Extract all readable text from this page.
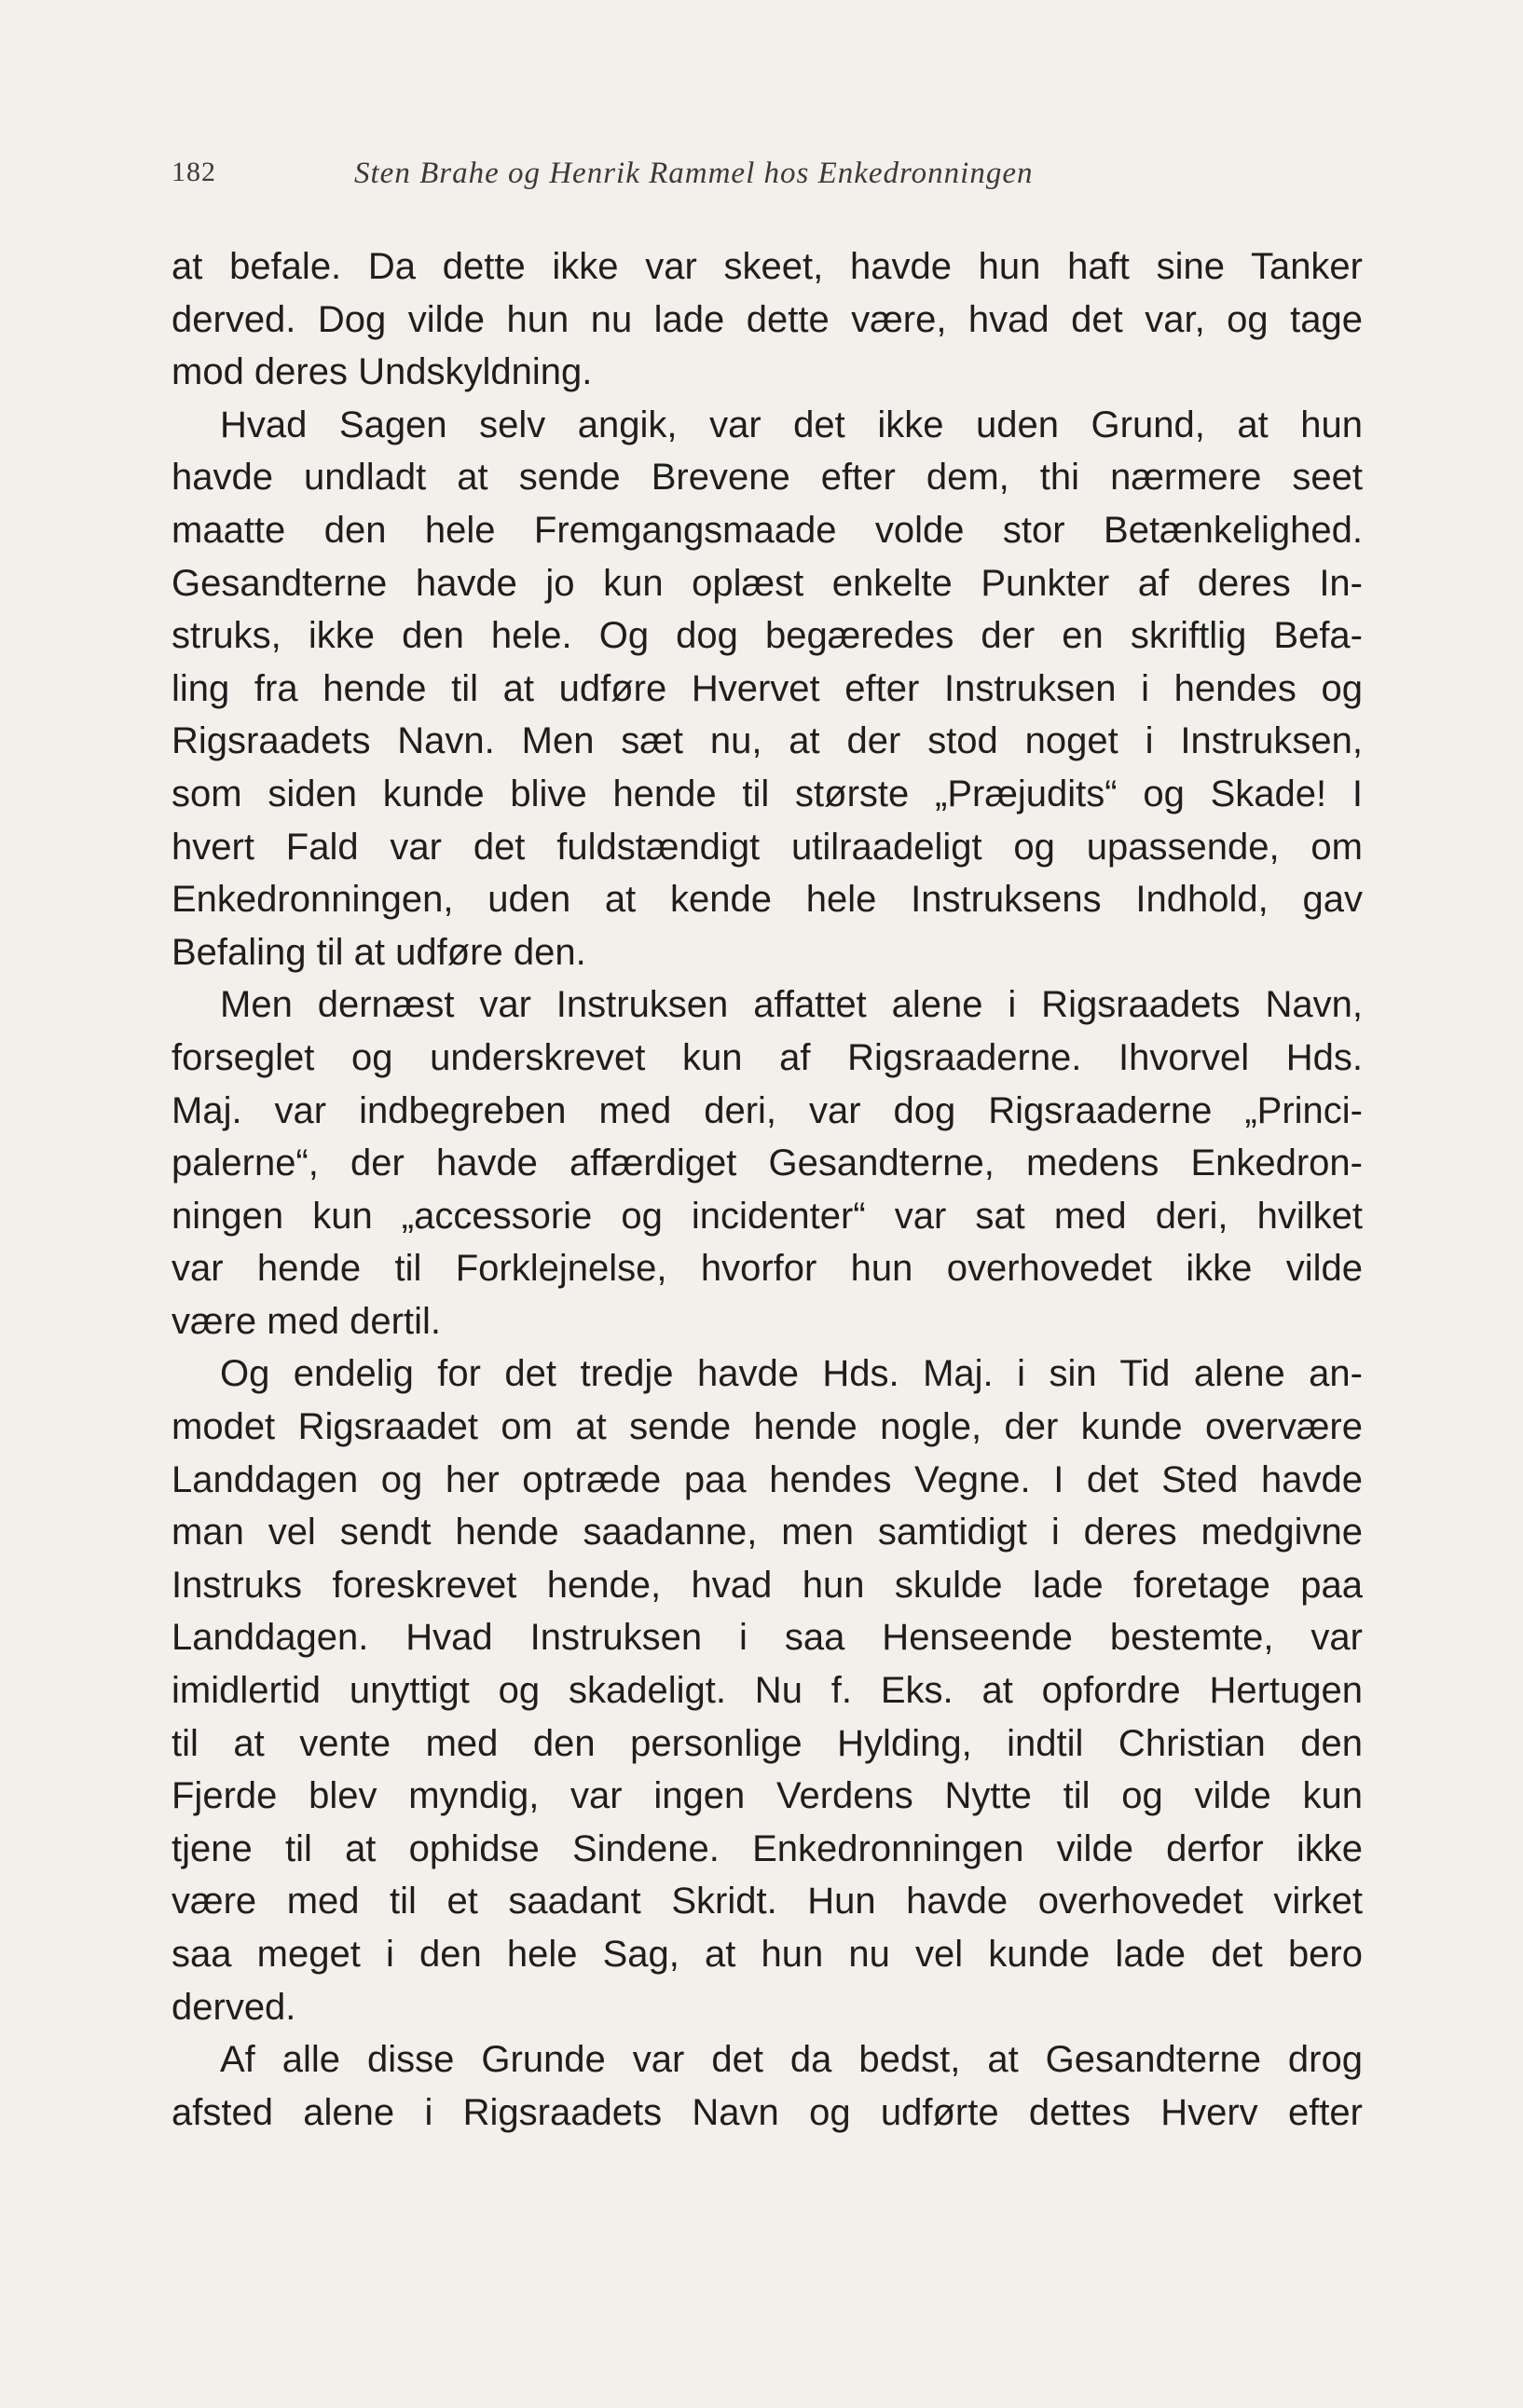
182	Sten Brahe og Henrik Rammel hos Enkedronningen
at befale. Da dette ikke var skeet, havde hun haft sine Tanker
derved. Dog vilde hun nu lade dette være, hvad det var, og tage
mod deres Undskyldning.
Hvad Sagen selv angik, var det ikke uden Grund, at hun
havde undladt at sende Brevene efter dem, thi nærmere seet
maatte den hele Fremgangsmaade volde stor Betænkelighed.
Gesandterne havde jo kun oplæst enkelte Punkter af deres In-
struks, ikke den hele. Og dog begæredes der en skriftlig Befa-
ling fra hende til at udføre Hvervet efter Instruksen i hendes og
Rigsraadets Navn. Men sæt nu, at der stod noget i Instruksen,
som siden kunde blive hende til største „Præjudits“ og Skade! I
hvert Fald var det fuldstændigt utilraadeligt og upassende, om
Enkedronningen, uden at kende hele Instruksens Indhold, gav
Befaling til at udføre den.
Men dernæst var Instruksen affattet alene i Rigsraadets Navn,
forseglet og underskrevet kun af Rigsraaderne. Ihvorvel Hds.
Maj. var indbegreben med deri, var dog Rigsraaderne „Princi-
palerne“, der havde affærdiget Gesandterne, medens Enkedron-
ningen kun „accessorie og incidenter“ var sat med deri, hvilket
var hende til Forklejnelse, hvorfor hun overhovedet ikke vilde
være med dertil.
Og endelig for det tredje havde Hds. Maj. i sin Tid alene an-
modet Rigsraadet om at sende hende nogle, der kunde overvære
Landdagen og her optræde paa hendes Vegne. I det Sted havde
man vel sendt hende saadanne, men samtidigt i deres medgivne
Instruks foreskrevet hende, hvad hun skulde lade foretage paa
Landdagen. Hvad Instruksen i saa Henseende bestemte, var
imidlertid unyttigt og skadeligt. Nu f. Eks. at opfordre Hertugen
til at vente med den personlige Hylding, indtil Christian den
Fjerde blev myndig, var ingen Verdens Nytte til og vilde kun
tjene til at ophidse Sindene. Enkedronningen vilde derfor ikke
være med til et saadant Skridt. Hun havde overhovedet virket
saa meget i den hele Sag, at hun nu vel kunde lade det bero
derved.
Af alle disse Grunde var det da bedst, at Gesandterne drog
afsted alene i Rigsraadets Navn og udførte dettes Hverv efter
